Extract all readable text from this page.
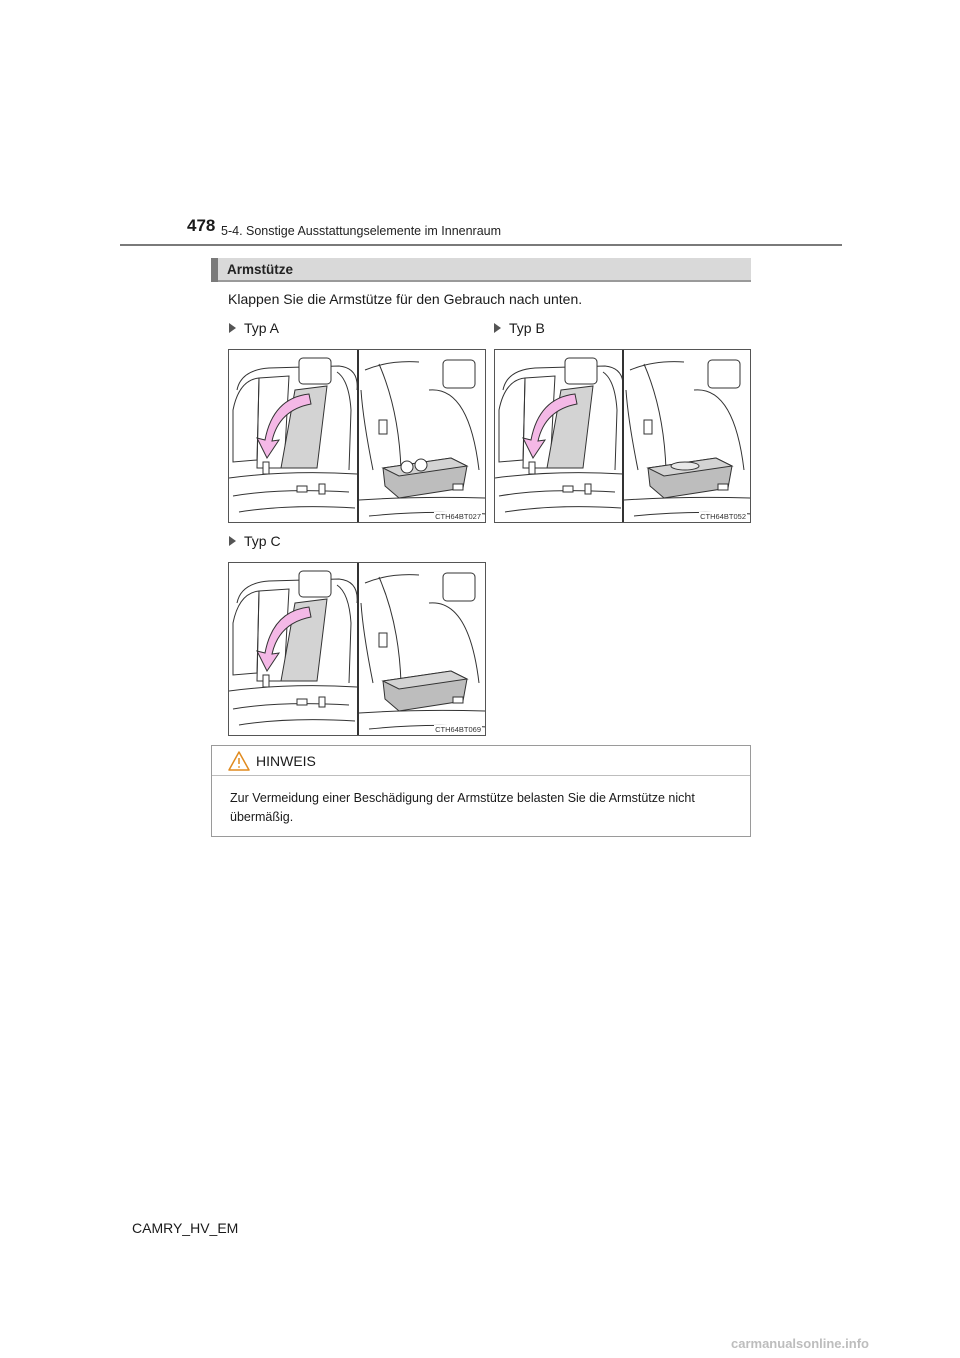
478 5-4. Sonstige Ausstattungselemente im Innenraum
Armstütze
Klappen Sie die Armstütze für den Gebrauch nach unten.
Typ A
CTH64BT027
Typ B
CTH64BT052
Typ C
CTH64BT069
HINWEIS
Zur Vermeidung einer Beschädigung der Armstütze belasten Sie die Armstütze nicht übermäßig.
CAMRY_HV_EM
carmanualsonline.info
